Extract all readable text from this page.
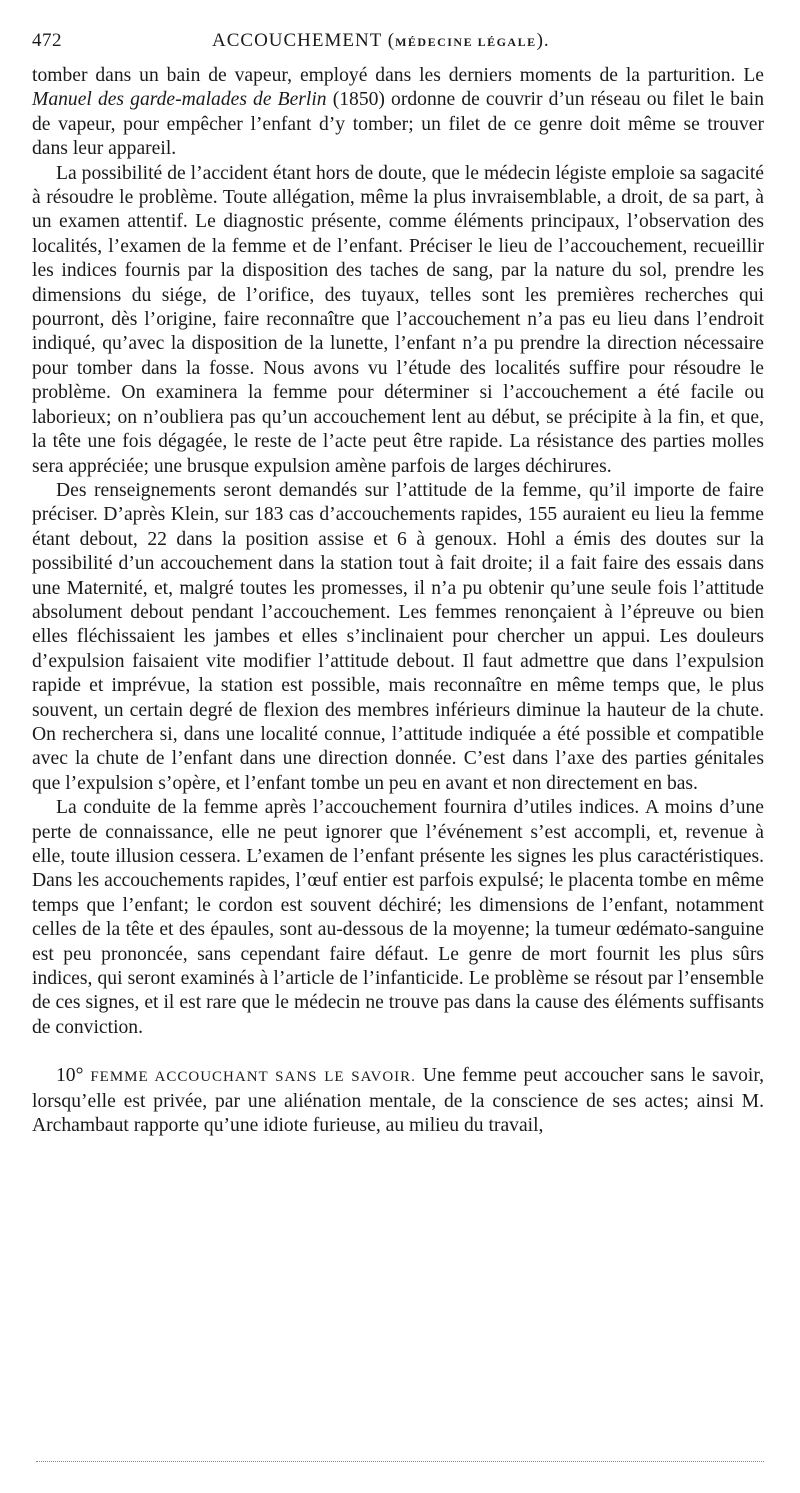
472	ACCOUCHEMENT (MÉDECINE LÉGALE).

tomber dans un bain de vapeur, employé dans les derniers moments de la parturition. Le Manuel des garde-malades de Berlin (1850) ordonne de couvrir d’un réseau ou filet le bain de vapeur, pour empêcher l’enfant d’y tomber; un filet de ce genre doit même se trouver dans leur appareil.

La possibilité de l’accident étant hors de doute, que le médecin légiste emploie sa sagacité à résoudre le problème. Toute allégation, même la plus invraisemblable, a droit, de sa part, à un examen attentif. Le diagnostic présente, comme éléments principaux, l’observation des localités, l’examen de la femme et de l’enfant. Préciser le lieu de l’accouchement, recueillir les indices fournis par la disposition des taches de sang, par la nature du sol, prendre les dimensions du siége, de l’orifice, des tuyaux, telles sont les premières recherches qui pourront, dès l’origine, faire reconnaître que l’accouchement n’a pas eu lieu dans l’endroit indiqué, qu’avec la disposition de la lunette, l’enfant n’a pu prendre la direction nécessaire pour tomber dans la fosse. Nous avons vu l’étude des localités suffire pour résoudre le problème. On examinera la femme pour déterminer si l’accouchement a été facile ou laborieux; on n’oubliera pas qu’un accouchement lent au début, se précipite à la fin, et que, la tête une fois dégagée, le reste de l’acte peut être rapide. La résistance des parties molles sera appréciée; une brusque expulsion amène parfois de larges déchirures.

Des renseignements seront demandés sur l’attitude de la femme, qu’il importe de faire préciser. D’après Klein, sur 183 cas d’accouchements rapides, 155 auraient eu lieu la femme étant debout, 22 dans la position assise et 6 à genoux. Hohl a émis des doutes sur la possibilité d’un accouchement dans la station tout à fait droite; il a fait faire des essais dans une Maternité, et, malgré toutes les promesses, il n’a pu obtenir qu’une seule fois l’attitude absolument debout pendant l’accouchement. Les femmes renonçaient à l’épreuve ou bien elles fléchissaient les jambes et elles s’inclinaient pour chercher un appui. Les douleurs d’expulsion faisaient vite modifier l’attitude debout. Il faut admettre que dans l’expulsion rapide et imprévue, la station est possible, mais reconnaître en même temps que, le plus souvent, un certain degré de flexion des membres inférieurs diminue la hauteur de la chute. On recherchera si, dans une localité connue, l’attitude indiquée a été possible et compatible avec la chute de l’enfant dans une direction donnée. C’est dans l’axe des parties génitales que l’expulsion s’opère, et l’enfant tombe un peu en avant et non directement en bas.

La conduite de la femme après l’accouchement fournira d’utiles indices. A moins d’une perte de connaissance, elle ne peut ignorer que l’événement s’est accompli, et, revenue à elle, toute illusion cessera. L’examen de l’enfant présente les signes les plus caractéristiques. Dans les accouchements rapides, l’œuf entier est parfois expulsé; le placenta tombe en même temps que l’enfant; le cordon est souvent déchiré; les dimensions de l’enfant, notamment celles de la tête et des épaules, sont au-dessous de la moyenne; la tumeur œdémato-sanguine est peu prononcée, sans cependant faire défaut. Le genre de mort fournit les plus sûrs indices, qui seront examinés à l’article de l’infanticide. Le problème se résout par l’ensemble de ces signes, et il est rare que le médecin ne trouve pas dans la cause des éléments suffisants de conviction.

10° FEMME ACCOUCHANT SANS LE SAVOIR. Une femme peut accoucher sans le savoir, lorsqu’elle est privée, par une aliénation mentale, de la conscience de ses actes; ainsi M. Archambaut rapporte qu’une idiote furieuse, au milieu du travail,
